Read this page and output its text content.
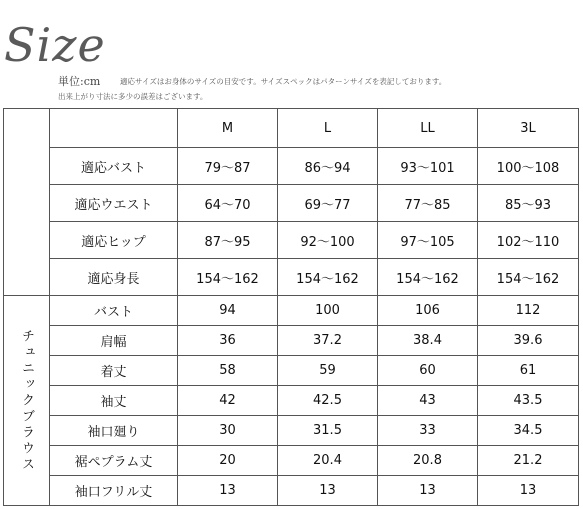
Size
単位:cm	適応サイズはお身体のサイズの目安です。サイズスペックはパターンサイズを表記しております。
出来上がり寸法に多少の誤差はございます。
		M	L	LL	3L
	適応バスト	79〜87	86〜94	93〜101	100〜108
	適応ウエスト	64〜70	69〜77	77〜85	85〜93
	適応ヒップ	87〜95	92〜100	97〜105	102〜110
	適応身長	154〜162	154〜162	154〜162	154〜162
チュニックブラウス	バスト	94	100	106	112
	肩幅	36	37.2	38.4	39.6
	着丈	58	59	60	61
	袖丈	42	42.5	43	43.5
	袖口廻り	30	31.5	33	34.5
	裾ペプラム丈	20	20.4	20.8	21.2
	袖口フリル丈	13	13	13	13
